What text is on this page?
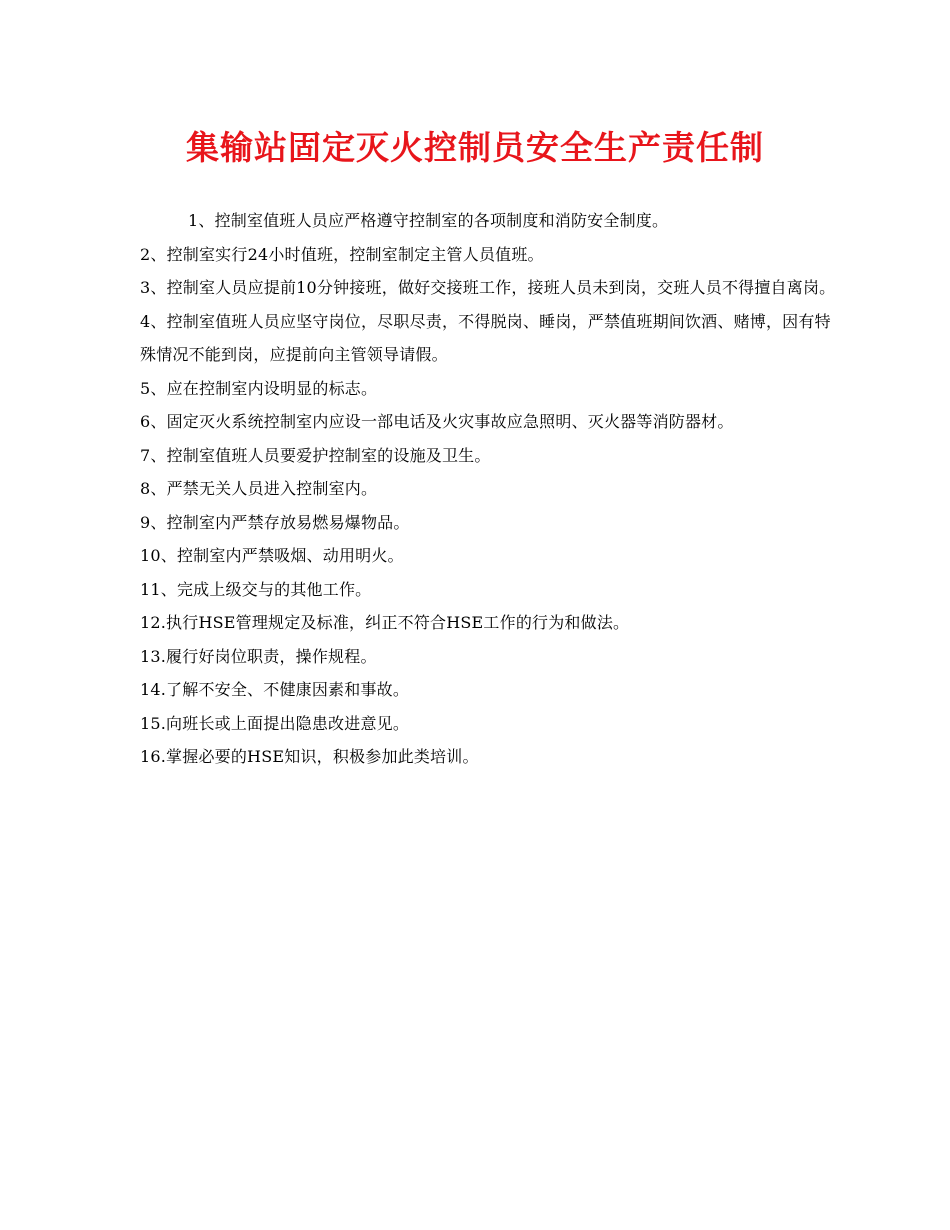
集输站固定灭火控制员安全生产责任制
1、控制室值班人员应严格遵守控制室的各项制度和消防安全制度。
2、控制室实行24小时值班，控制室制定主管人员值班。
3、控制室人员应提前10分钟接班，做好交接班工作，接班人员未到岗，交班人员不得擅自离岗。
4、控制室值班人员应坚守岗位，尽职尽责，不得脱岗、睡岗，严禁值班期间饮酒、赌博，因有特殊情况不能到岗，应提前向主管领导请假。
5、应在控制室内设明显的标志。
6、固定灭火系统控制室内应设一部电话及火灾事故应急照明、灭火器等消防器材。
7、控制室值班人员要爱护控制室的设施及卫生。
8、严禁无关人员进入控制室内。
9、控制室内严禁存放易燃易爆物品。
10、控制室内严禁吸烟、动用明火。
11、完成上级交与的其他工作。
12.执行HSE管理规定及标准，纠正不符合HSE工作的行为和做法。
13.履行好岗位职责，操作规程。
14.了解不安全、不健康因素和事故。
15.向班长或上面提出隐患改进意见。
16.掌握必要的HSE知识，积极参加此类培训。
